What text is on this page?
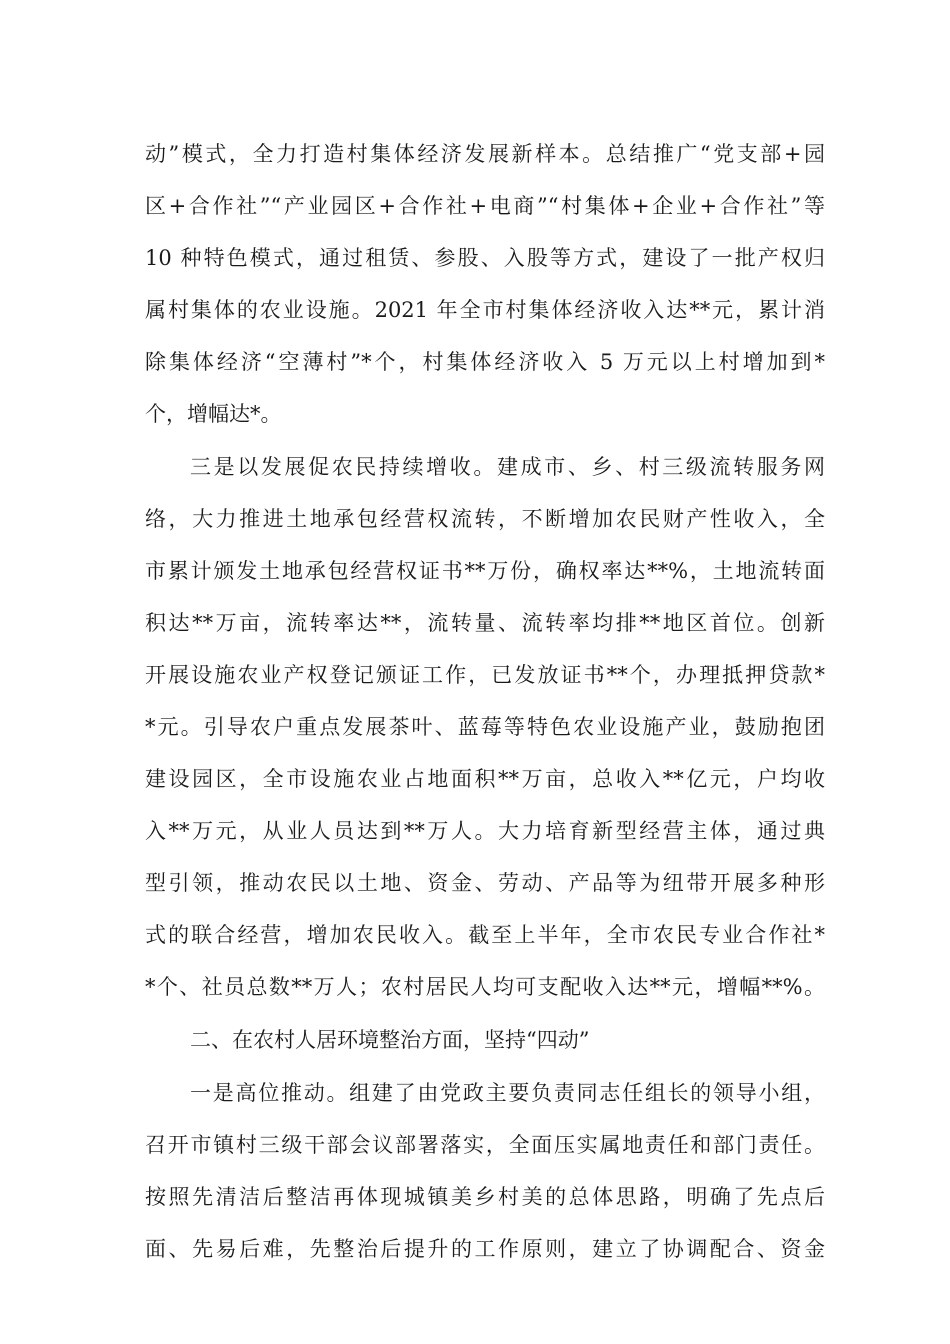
动”模式，全力打造村集体经济发展新样本。总结推广“党支部+园
区+合作社”“产业园区+合作社+电商”“村集体+企业+合作社”等
10 种特色模式，通过租赁、参股、入股等方式，建设了一批产权归
属村集体的农业设施。2021 年全市村集体经济收入达**元，累计消
除集体经济“空薄村”*个，村集体经济收入 5 万元以上村增加到*
个，增幅达*。
三是以发展促农民持续增收。建成市、乡、村三级流转服务网
络，大力推进土地承包经营权流转，不断增加农民财产性收入，全
市累计颁发土地承包经营权证书**万份，确权率达**%，土地流转面
积达**万亩，流转率达**，流转量、流转率均排**地区首位。创新
开展设施农业产权登记颁证工作，已发放证书**个，办理抵押贷款*
*元。引导农户重点发展茶叶、蓝莓等特色农业设施产业，鼓励抱团
建设园区，全市设施农业占地面积**万亩，总收入**亿元，户均收
入**万元，从业人员达到**万人。大力培育新型经营主体，通过典
型引领，推动农民以土地、资金、劳动、产品等为纽带开展多种形
式的联合经营，增加农民收入。截至上半年，全市农民专业合作社*
*个、社员总数**万人；农村居民人均可支配收入达**元，增幅**%。
二、在农村人居环境整治方面，坚持“四动”
一是高位推动。组建了由党政主要负责同志任组长的领导小组，
召开市镇村三级干部会议部署落实，全面压实属地责任和部门责任。
按照先清洁后整洁再体现城镇美乡村美的总体思路，明确了先点后
面、先易后难，先整治后提升的工作原则，建立了协调配合、资金
